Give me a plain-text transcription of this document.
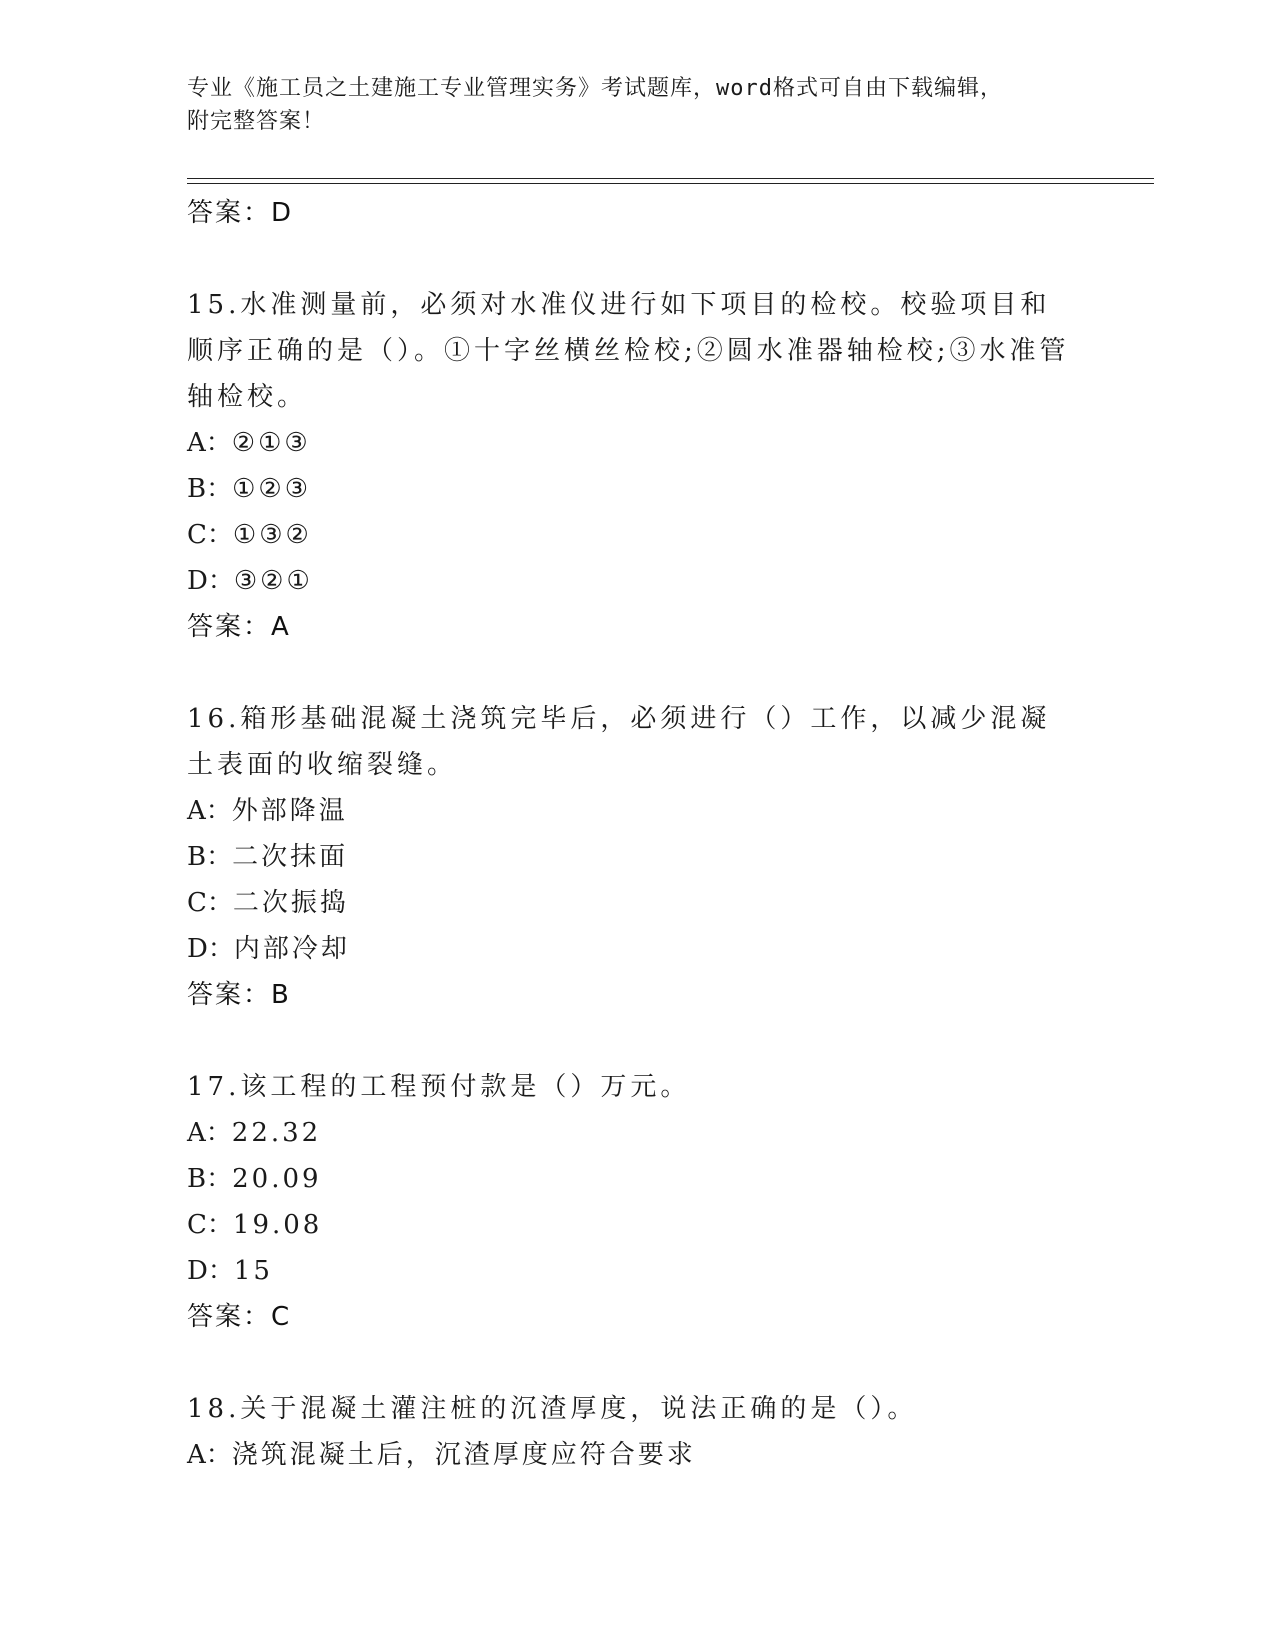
专业《施工员之土建施工专业管理实务》考试题库，word格式可自由下载编辑，
附完整答案！
答案：D
15.水准测量前，必须对水准仪进行如下项目的检校。校验项目和顺序正确的是（）。①十字丝横丝检校;②圆水准器轴检校;③水准管轴检校。
A：②①③
B：①②③
C：①③②
D：③②①
答案：A
16.箱形基础混凝土浇筑完毕后，必须进行（）工作，以减少混凝土表面的收缩裂缝。
A：外部降温
B：二次抹面
C：二次振捣
D：内部冷却
答案：B
17.该工程的工程预付款是（）万元。
A：22.32
B：20.09
C：19.08
D：15
答案：C
18.关于混凝土灌注桩的沉渣厚度，说法正确的是（）。
A：浇筑混凝土后，沉渣厚度应符合要求
